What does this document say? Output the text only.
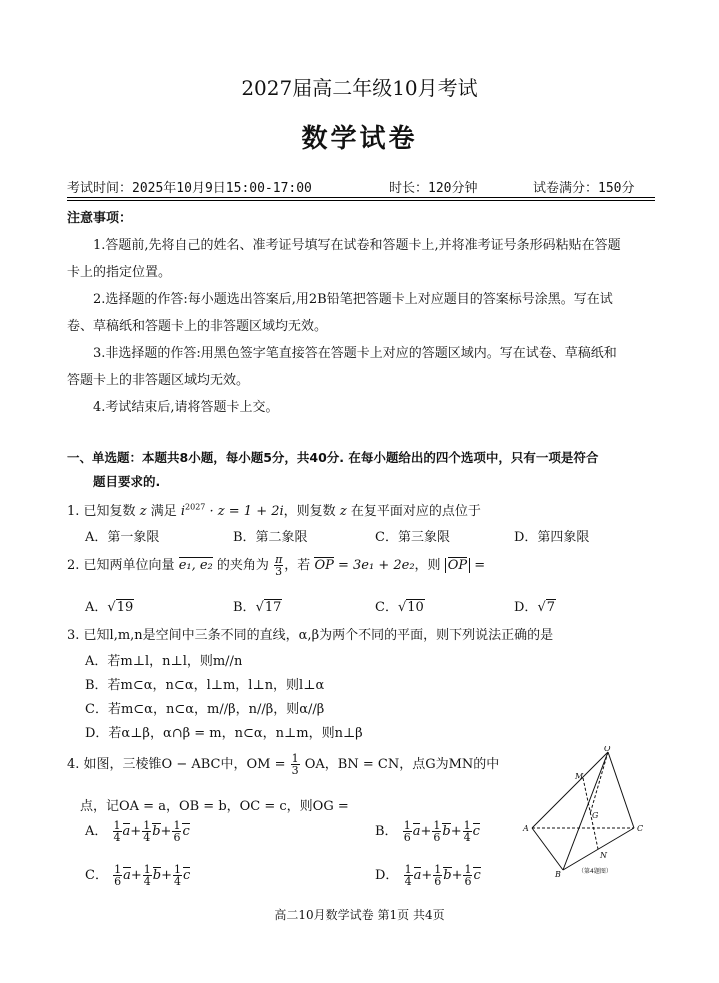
2027届高二年级10月考试
数学试卷
考试时间：2025年10月9日15:00-17:00	时长：120分钟	试卷满分：150分
注意事项：
1.答题前,先将自己的姓名、准考证号填写在试卷和答题卡上,并将准考证号条形码粘贴在答题
卡上的指定位置。
2.选择题的作答:每小题选出答案后,用2B铅笔把答题卡上对应题目的答案标号涂黑。写在试
卷、草稿纸和答题卡上的非答题区域均无效。
3.非选择题的作答:用黑色签字笔直接答在答题卡上对应的答题区域内。写在试卷、草稿纸和
答题卡上的非答题区域均无效。
4.考试结束后,请将答题卡上交。
一、单选题：本题共8小题，每小题5分，共40分. 在每小题给出的四个选项中，只有一项是符合
题目要求的.
1. 已知复数 z 满足 $i^{2027} \cdot z = 1 + 2i$，则复数 z 在复平面对应的点位于
A．第一象限	B．第二象限	C．第三象限	D．第四象限
2. 已知两单位向量 e₁, e₂ 的夹角为 $\frac{\pi}{3}$ ，若 OP = 3e₁ + 2e₂，则 OP =
A．√19	B．√17	C．√10	D．√7
3. 已知l,m,n是空间中三条不同的直线，α,β为两个不同的平面，则下列说法正确的是
A．若m⊥l，n⊥l，则m//n
B．若m⊂α，n⊂α，l⊥m，l⊥n，则l⊥α
C．若m⊂α，n⊂α，m//β，n//β，则α//β
D．若α⊥β，α∩β = m，n⊂α，n⊥m，则n⊥β
4. 如图，三棱锥O − ABC中，OM = $\frac{1}{3}$ OA，BN = CN，点G为MN的中
点，记OA = a，OB = b，OC = c，则OG =
A． $\frac{1}{4} a+ \frac{1}{4} b+ \frac{1}{6}$ c	B． $\frac{1}{6} a+ \frac{1}{6} b+ \frac{1}{4}$ c
C． $\frac{1}{6} a+ \frac{1}{4} b+ \frac{1}{4}$ c	D． $\frac{1}{4} a+ \frac{1}{6} b+ \frac{1}{6}$ c
O
M
A	C
B
N
G
（第4题图）
高二10月数学试卷 第1页 共4页
